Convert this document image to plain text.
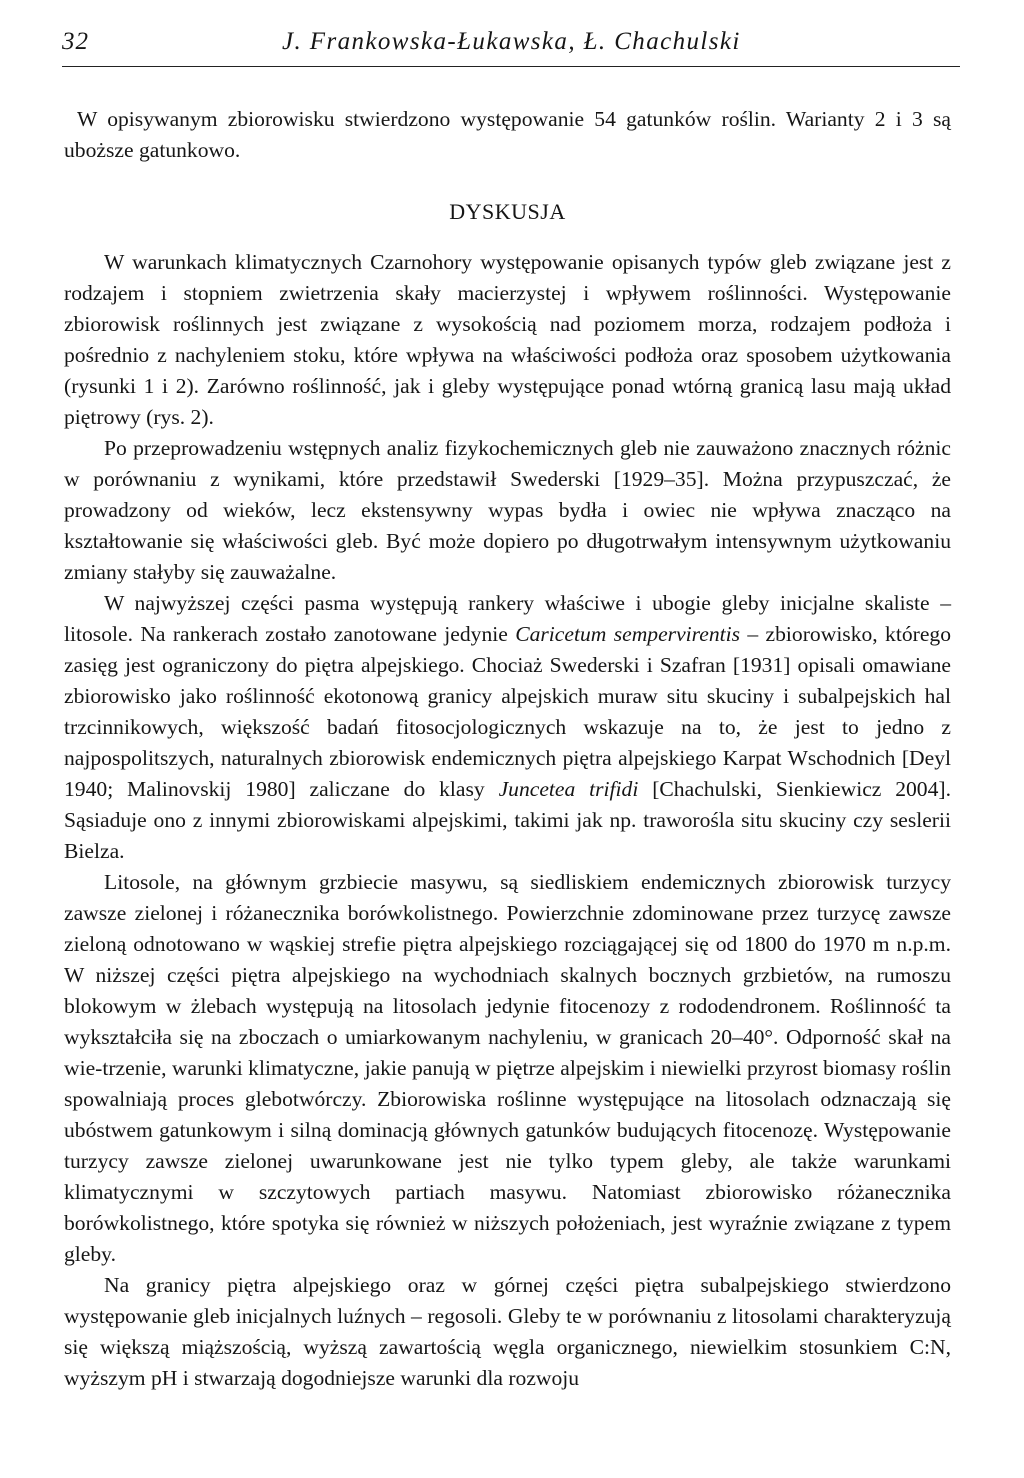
32	J. Frankowska-Łukawska, Ł. Chachulski

W opisywanym zbiorowisku stwierdzono występowanie 54 gatunków roślin. Warianty 2 i 3 są uboższe gatunkowo.

DYSKUSJA

W warunkach klimatycznych Czarnohory występowanie opisanych typów gleb związane jest z rodzajem i stopniem zwietrzenia skały macierzystej i wpływem roślinności. Występowanie zbiorowisk roślinnych jest związane z wysokością nad poziomem morza, rodzajem podłoża i pośrednio z nachyleniem stoku, które wpływa na właściwości podłoża oraz sposobem użytkowania (rysunki 1 i 2). Zarówno roślinność, jak i gleby występujące ponad wtórną granicą lasu mają układ piętrowy (rys. 2).

Po przeprowadzeniu wstępnych analiz fizykochemicznych gleb nie zauważono znacznych różnic w porównaniu z wynikami, które przedstawił Swederski [1929–35]. Można przypuszczać, że prowadzony od wieków, lecz ekstensywny wypas bydła i owiec nie wpływa znacząco na kształtowanie się właściwości gleb. Być może dopiero po długotrwałym intensywnym użytkowaniu zmiany stałyby się zauważalne.

W najwyższej części pasma występują rankery właściwe i ubogie gleby inicjalne skaliste – litosole. Na rankerach zostało zanotowane jedynie Caricetum sempervirentis – zbiorowisko, którego zasięg jest ograniczony do piętra alpejskiego. Chociaż Swederski i Szafran [1931] opisali omawiane zbiorowisko jako roślinność ekotonową granicy alpejskich muraw situ skuciny i subalpejskich hal trzcinnikowych, większość badań fitosocjologicznych wskazuje na to, że jest to jedno z najpospolitszych, naturalnych zbiorowisk endemicznych piętra alpejskiego Karpat Wschodnich [Deyl 1940; Malinovskij 1980] zaliczane do klasy Juncetea trifidi [Chachulski, Sienkiewicz 2004]. Sąsiaduje ono z innymi zbiorowiskami alpejskimi, takimi jak np. traworośla situ skuciny czy seslerii Bielza.

Litosole, na głównym grzbiecie masywu, są siedliskiem endemicznych zbiorowisk turzycy zawsze zielonej i różanecznika borówkolistnego. Powierzchnie zdominowane przez turzycę zawsze zieloną odnotowano w wąskiej strefie piętra alpejskiego rozciągającej się od 1800 do 1970 m n.p.m. W niższej części piętra alpejskiego na wychodniach skalnych bocznych grzbietów, na rumoszu blokowym w żlebach występują na litosolach jedynie fitocenozy z rododendronem. Roślinność ta wykształciła się na zboczach o umiarkowanym nachyleniu, w granicach 20–40°. Odporność skał na wie-trzenie, warunki klimatyczne, jakie panują w piętrze alpejskim i niewielki przyrost biomasy roślin spowalniają proces glebotwórczy. Zbiorowiska roślinne występujące na litosolach odznaczają się ubóstwem gatunkowym i silną dominacją głównych gatunków budujących fitocenozę. Występowanie turzycy zawsze zielonej uwarunkowane jest nie tylko typem gleby, ale także warunkami klimatycznymi w szczytowych partiach masywu. Natomiast zbiorowisko różanecznika borówkolistnego, które spotyka się również w niższych położeniach, jest wyraźnie związane z typem gleby.

Na granicy piętra alpejskiego oraz w górnej części piętra subalpejskiego stwierdzono występowanie gleb inicjalnych luźnych – regosoli. Gleby te w porównaniu z litosolami charakteryzują się większą miąższością, wyższą zawartością węgla organicznego, niewielkim stosunkiem C:N, wyższym pH i stwarzają dogodniejsze warunki dla rozwoju
